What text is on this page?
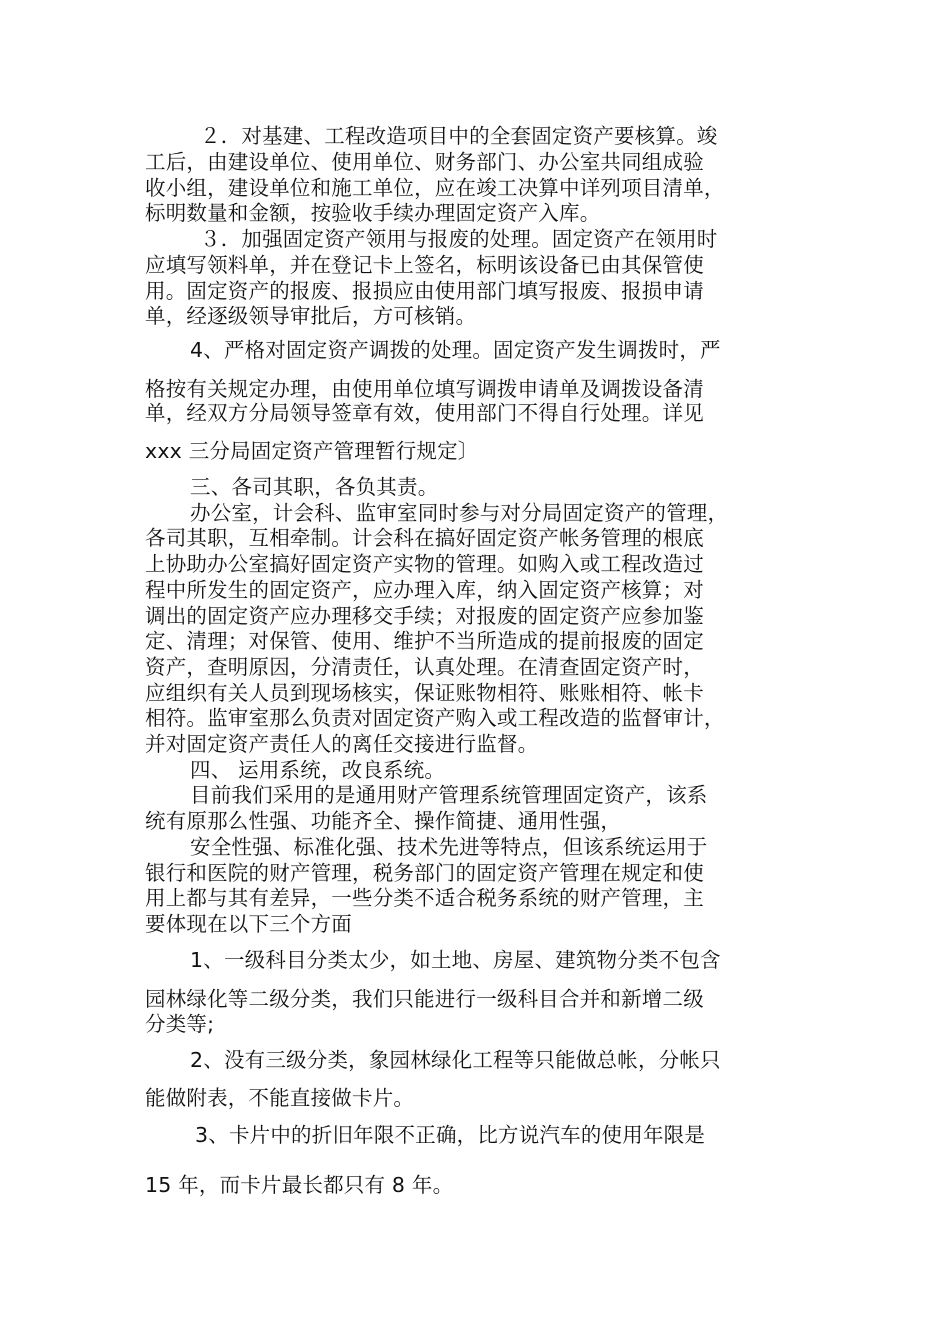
２．对基建、工程改造项目中的全套固定资产要核算。竣
工后，由建设单位、使用单位、财务部门、办公室共同组成验
收小组，建设单位和施工单位，应在竣工决算中详列项目清单，
标明数量和金额，按验收手续办理固定资产入库。
３．加强固定资产领用与报废的处理。固定资产在领用时
应填写领料单，并在登记卡上签名，标明该设备已由其保管使
用。固定资产的报废、报损应由使用部门填写报废、报损申请
单，经逐级领导审批后，方可核销。
4、严格对固定资产调拨的处理。固定资产发生调拨时，严
格按有关规定办理，由使用单位填写调拨申请单及调拨设备清
单，经双方分局领导签章有效，使用部门不得自行处理。详见
xxx 三分局固定资产管理暂行规定〕
三、各司其职，各负其责。
办公室，计会科、监审室同时参与对分局固定资产的管理，
各司其职，互相牵制。计会科在搞好固定资产帐务管理的根底
上协助办公室搞好固定资产实物的管理。如购入或工程改造过
程中所发生的固定资产，应办理入库，纳入固定资产核算；对
调出的固定资产应办理移交手续；对报废的固定资产应参加鉴
定、清理；对保管、使用、维护不当所造成的提前报废的固定
资产，查明原因，分清责任，认真处理。在清查固定资产时，
应组织有关人员到现场核实，保证账物相符、账账相符、帐卡
相符。监审室那么负责对固定资产购入或工程改造的监督审计，
并对固定资产责任人的离任交接进行监督。
四、 运用系统，改良系统。
目前我们采用的是通用财产管理系统管理固定资产，该系
统有原那么性强、功能齐全、操作简捷、通用性强，
安全性强、标准化强、技术先进等特点，但该系统运用于
银行和医院的财产管理，税务部门的固定资产管理在规定和使
用上都与其有差异，一些分类不适合税务系统的财产管理，主
要体现在以下三个方面
1、一级科目分类太少，如土地、房屋、建筑物分类不包含
园林绿化等二级分类，我们只能进行一级科目合并和新增二级
分类等;
2、没有三级分类，象园林绿化工程等只能做总帐，分帐只
能做附表，不能直接做卡片。
3、卡片中的折旧年限不正确，比方说汽车的使用年限是
15 年，而卡片最长都只有 8 年。
